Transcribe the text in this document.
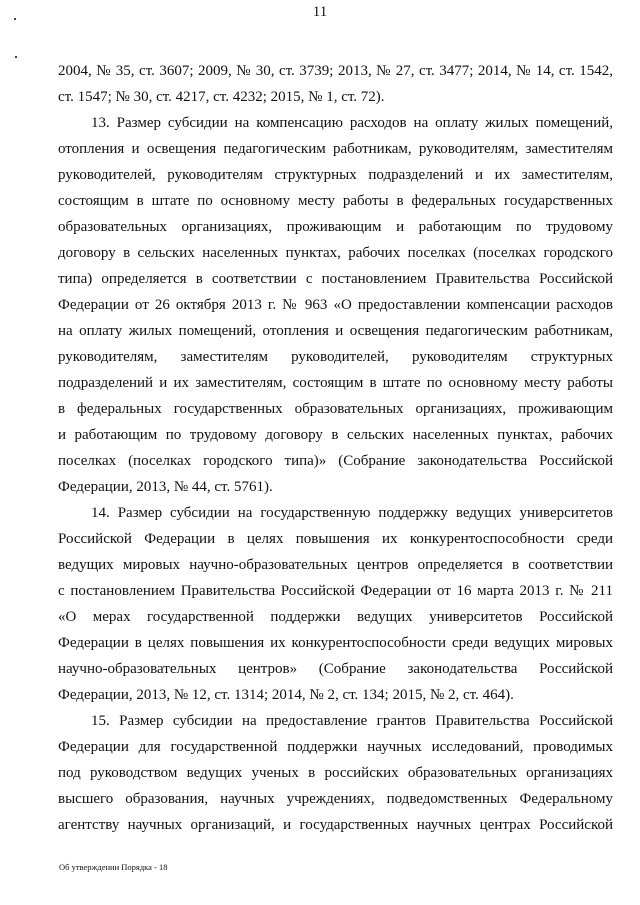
11
2004, № 35, ст. 3607; 2009, № 30, ст. 3739; 2013, № 27, ст. 3477; 2014, № 14, ст. 1542,
ст. 1547; № 30, ст. 4217, ст. 4232; 2015, № 1, ст. 72).
13. Размер субсидии на компенсацию расходов на оплату жилых помещений,
отопления и освещения педагогическим работникам, руководителям, заместителям
руководителей, руководителям структурных подразделений и их заместителям,
состоящим в штате по основному месту работы в федеральных государственных
образовательных организациях, проживающим и работающим по трудовому
договору в сельских населенных пунктах, рабочих поселках (поселках городского
типа) определяется в соответствии с постановлением Правительства Российской
Федерации от 26 октября 2013 г. № 963 «О предоставлении компенсации расходов
на оплату жилых помещений, отопления и освещения педагогическим работникам,
руководителям, заместителям руководителей, руководителям структурных
подразделений и их заместителям, состоящим в штате по основному месту работы
в федеральных государственных образовательных организациях, проживающим
и работающим по трудовому договору в сельских населенных пунктах, рабочих
поселках (поселках городского типа)» (Собрание законодательства Российской
Федерации, 2013, № 44, ст. 5761).
14. Размер субсидии на государственную поддержку ведущих университетов
Российской Федерации в целях повышения их конкурентоспособности среди
ведущих мировых научно-образовательных центров определяется в соответствии
с постановлением Правительства Российской Федерации от 16 марта 2013 г. № 211
«О мерах государственной поддержки ведущих университетов Российской
Федерации в целях повышения их конкурентоспособности среди ведущих мировых
научно-образовательных центров» (Собрание законодательства Российской
Федерации, 2013, № 12, ст. 1314; 2014, № 2, ст. 134; 2015, № 2, ст. 464).
15. Размер субсидии на предоставление грантов Правительства Российской
Федерации для государственной поддержки научных исследований, проводимых
под руководством ведущих ученых в российских образовательных организациях
высшего образования, научных учреждениях, подведомственных Федеральному
агентству научных организаций, и государственных научных центрах Российской
Об утверждении Порядка - 18
